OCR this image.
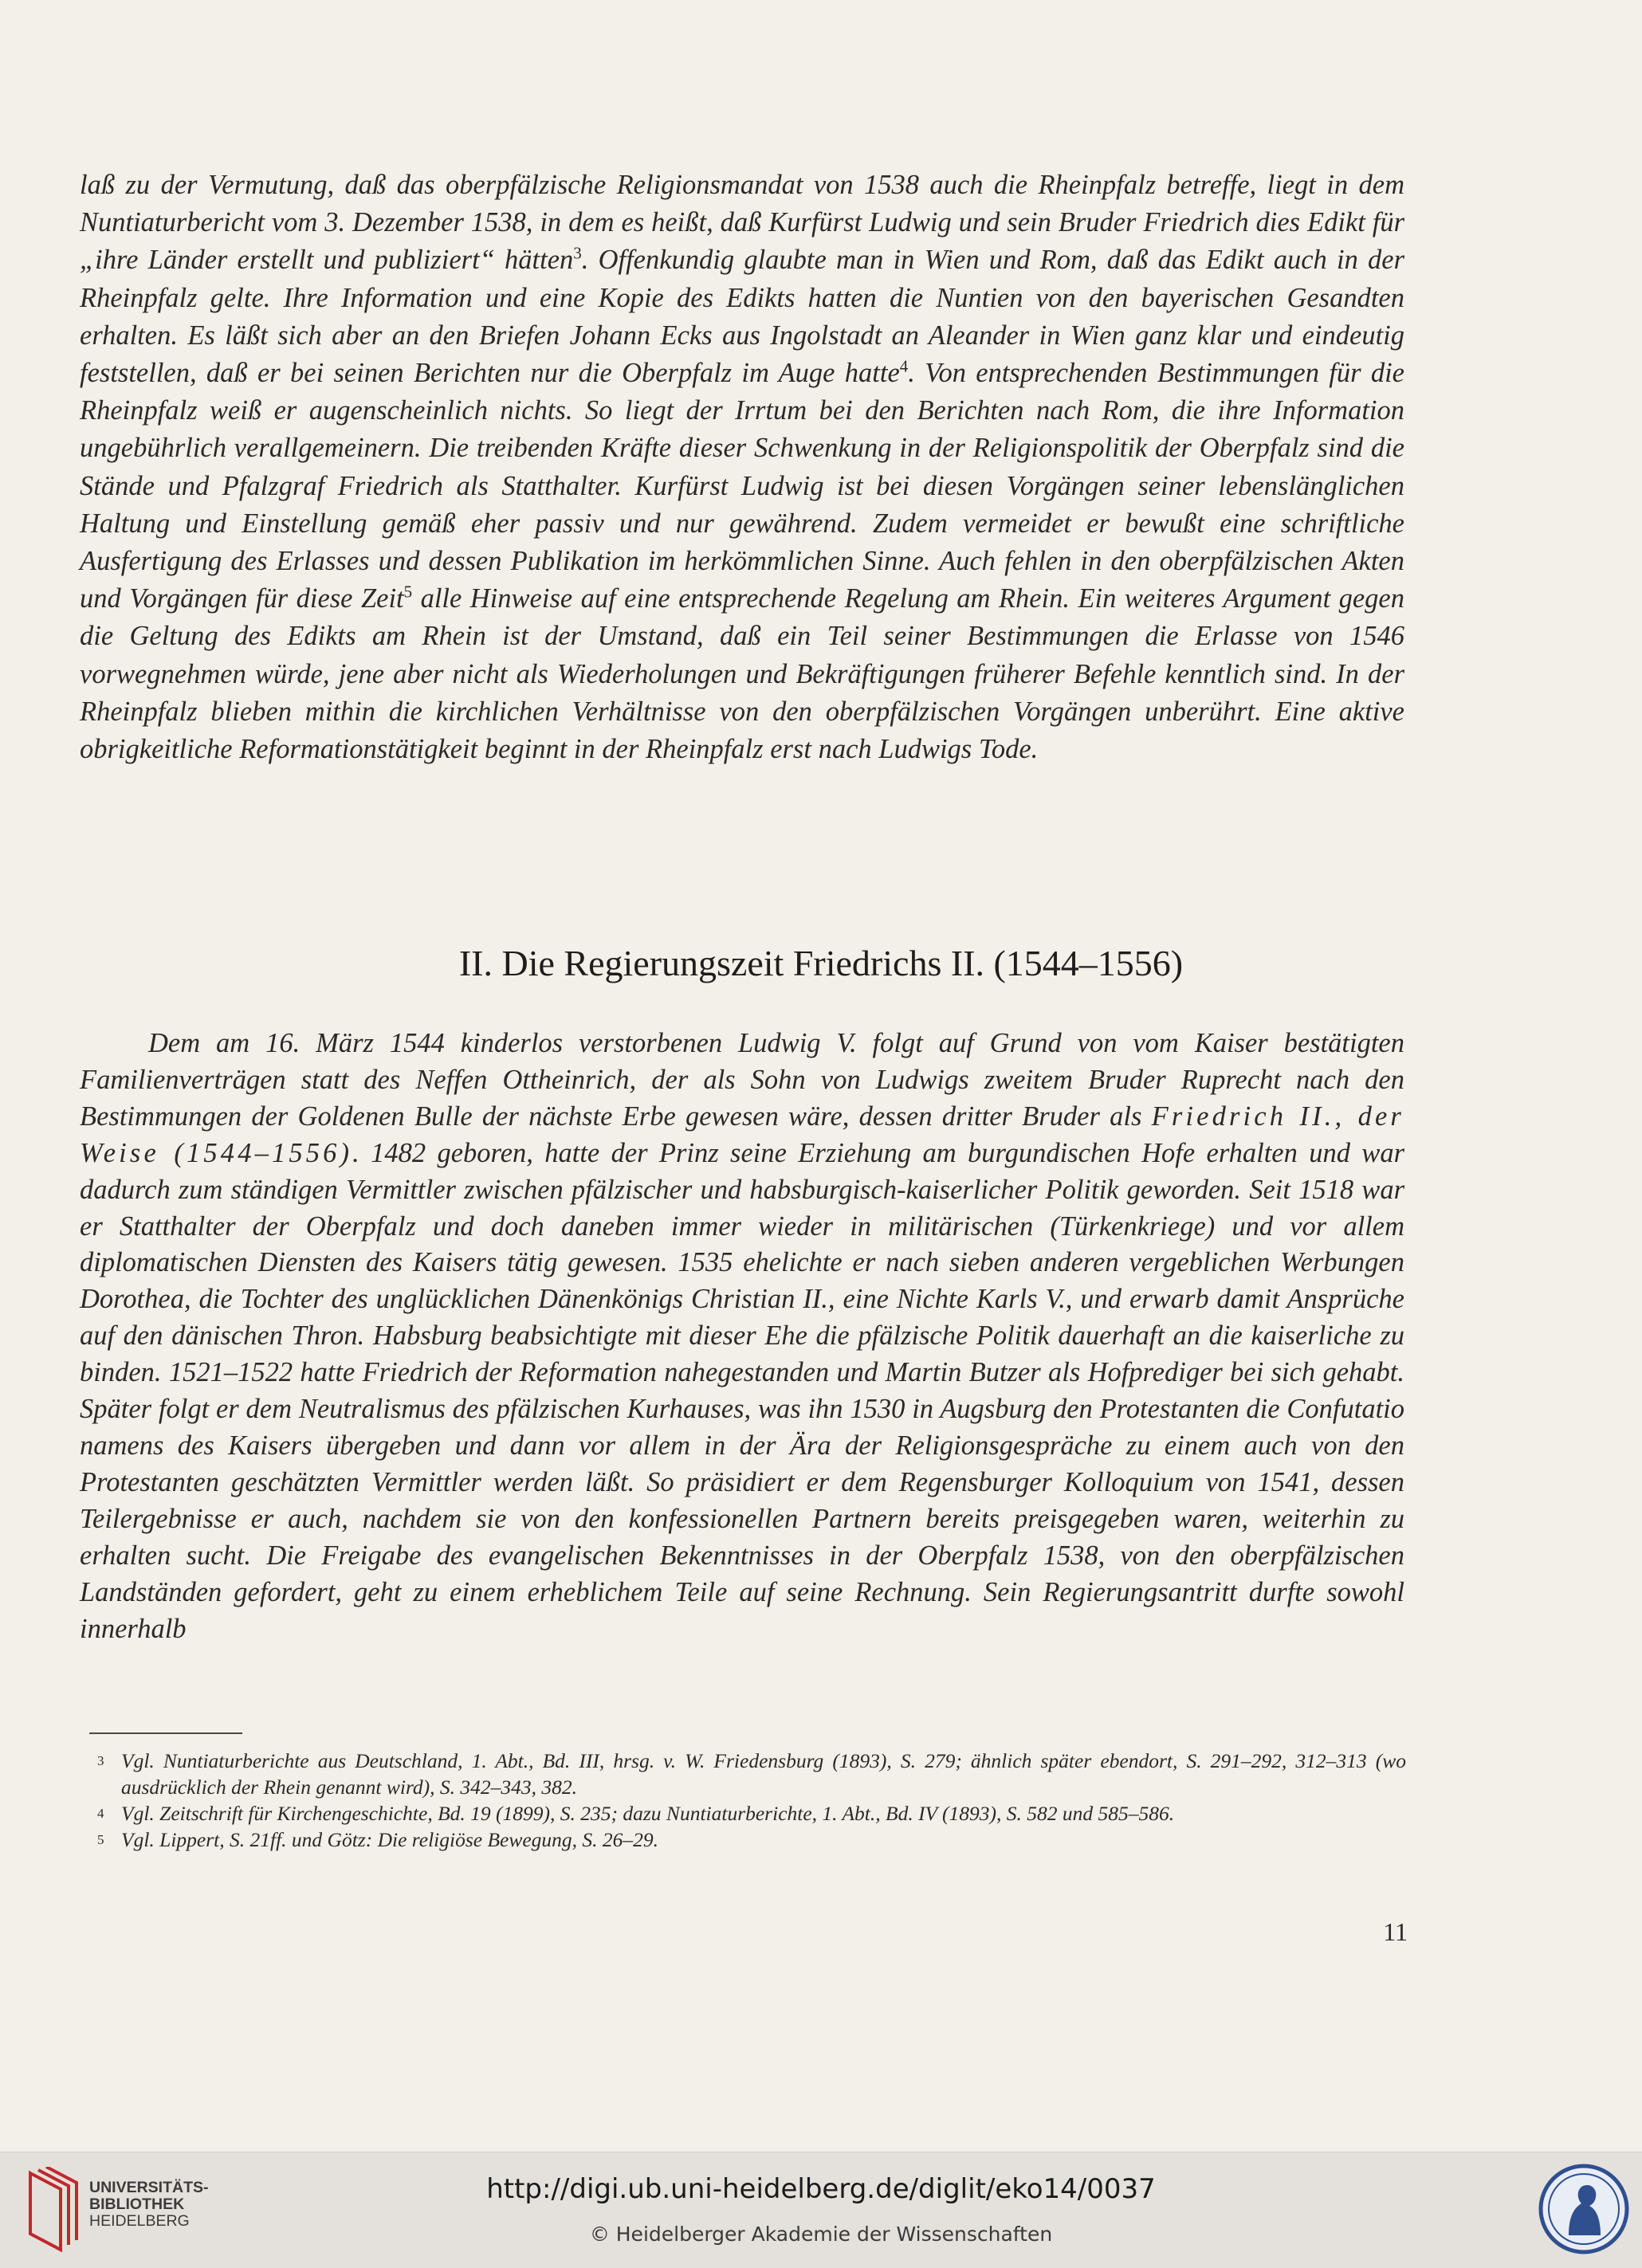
laß zu der Vermutung, daß das oberpfälzische Religionsmandat von 1538 auch die Rheinpfalz betreffe, liegt in dem Nuntiaturbericht vom 3. Dezember 1538, in dem es heißt, daß Kurfürst Ludwig und sein Bruder Friedrich dies Edikt für „ihre Länder erstellt und publiziert“ hätten$^3$. Offenkundig glaubte man in Wien und Rom, daß das Edikt auch in der Rheinpfalz gelte. Ihre Information und eine Kopie des Edikts hatten die Nuntien von den bayerischen Gesandten erhalten. Es läßt sich aber an den Briefen Johann Ecks aus Ingolstadt an Aleander in Wien ganz klar und eindeutig feststellen, daß er bei seinen Berichten nur die Oberpfalz im Auge hatte$^4$. Von entsprechenden Bestimmungen für die Rheinpfalz weiß er augenscheinlich nichts. So liegt der Irrtum bei den Berichten nach Rom, die ihre Information ungebührlich verallgemeinern. Die treibenden Kräfte dieser Schwenkung in der Religionspolitik der Oberpfalz sind die Stände und Pfalzgraf Friedrich als Statthalter. Kurfürst Ludwig ist bei diesen Vorgängen seiner lebenslänglichen Haltung und Einstellung gemäß eher passiv und nur gewährend. Zudem vermeidet er bewußt eine schriftliche Ausfertigung des Erlasses und dessen Publikation im herkömmlichen Sinne. Auch fehlen in den oberpfälzischen Akten und Vorgängen für diese Zeit$^5$ alle Hinweise auf eine entsprechende Regelung am Rhein. Ein weiteres Argument gegen die Geltung des Edikts am Rhein ist der Umstand, daß ein Teil seiner Bestimmungen die Erlasse von 1546 vorwegnehmen würde, jene aber nicht als Wiederholungen und Bekräftigungen früherer Befehle kenntlich sind. In der Rheinpfalz blieben mithin die kirchlichen Verhältnisse von den oberpfälzischen Vorgängen unberührt. Eine aktive obrigkeitliche Reformationstätigkeit beginnt in der Rheinpfalz erst nach Ludwigs Tode.

II. Die Regierungszeit Friedrichs II. (1544–1556)

Dem am 16. März 1544 kinderlos verstorbenen Ludwig V. folgt auf Grund von vom Kaiser bestätigten Familienverträgen statt des Neffen Ottheinrich, der als Sohn von Ludwigs zweitem Bruder Ruprecht nach den Bestimmungen der Goldenen Bulle der nächste Erbe gewesen wäre, dessen dritter Bruder als Friedrich II., der Weise (1544–1556). 1482 geboren, hatte der Prinz seine Erziehung am burgundischen Hofe erhalten und war dadurch zum ständigen Vermittler zwischen pfälzischer und habsburgisch-kaiserlicher Politik geworden. Seit 1518 war er Statthalter der Oberpfalz und doch daneben immer wieder in militärischen (Türkenkriege) und vor allem diplomatischen Diensten des Kaisers tätig gewesen. 1535 ehelichte er nach sieben anderen vergeblichen Werbungen Dorothea, die Tochter des unglücklichen Dänenkönigs Christian II., eine Nichte Karls V., und erwarb damit Ansprüche auf den dänischen Thron. Habsburg beabsichtigte mit dieser Ehe die pfälzische Politik dauerhaft an die kaiserliche zu binden. 1521–1522 hatte Friedrich der Reformation nahegestanden und Martin Butzer als Hofprediger bei sich gehabt. Später folgt er dem Neutralismus des pfälzischen Kurhauses, was ihn 1530 in Augsburg den Protestanten die Confutatio namens des Kaisers übergeben und dann vor allem in der Ära der Religionsgespräche zu einem auch von den Protestanten geschätzten Vermittler werden läßt. So präsidiert er dem Regensburger Kolloquium von 1541, dessen Teilergebnisse er auch, nachdem sie von den konfessionellen Partnern bereits preisgegeben waren, weiterhin zu erhalten sucht. Die Freigabe des evangelischen Bekenntnisses in der Oberpfalz 1538, von den oberpfälzischen Landständen gefordert, geht zu einem erheblichem Teile auf seine Rechnung. Sein Regierungsantritt durfte sowohl innerhalb

3 Vgl. Nuntiaturberichte aus Deutschland, 1. Abt., Bd. III, hrsg. v. W. Friedensburg (1893), S. 279; ähnlich später ebendort, S. 291–292, 312–313 (wo ausdrücklich der Rhein genannt wird), S. 342–343, 382.
4 Vgl. Zeitschrift für Kirchengeschichte, Bd. 19 (1899), S. 235; dazu Nuntiaturberichte, 1. Abt., Bd. IV (1893), S. 582 und 585–586.
5 Vgl. Lippert, S. 21ff. und Götz: Die religiöse Bewegung, S. 26–29.
11
UNIVERSITÄTS-
BIBLIOTHEK
HEIDELBERG
http://digi.ub.uni-heidelberg.de/diglit/eko14/0037
© Heidelberger Akademie der Wissenschaften
